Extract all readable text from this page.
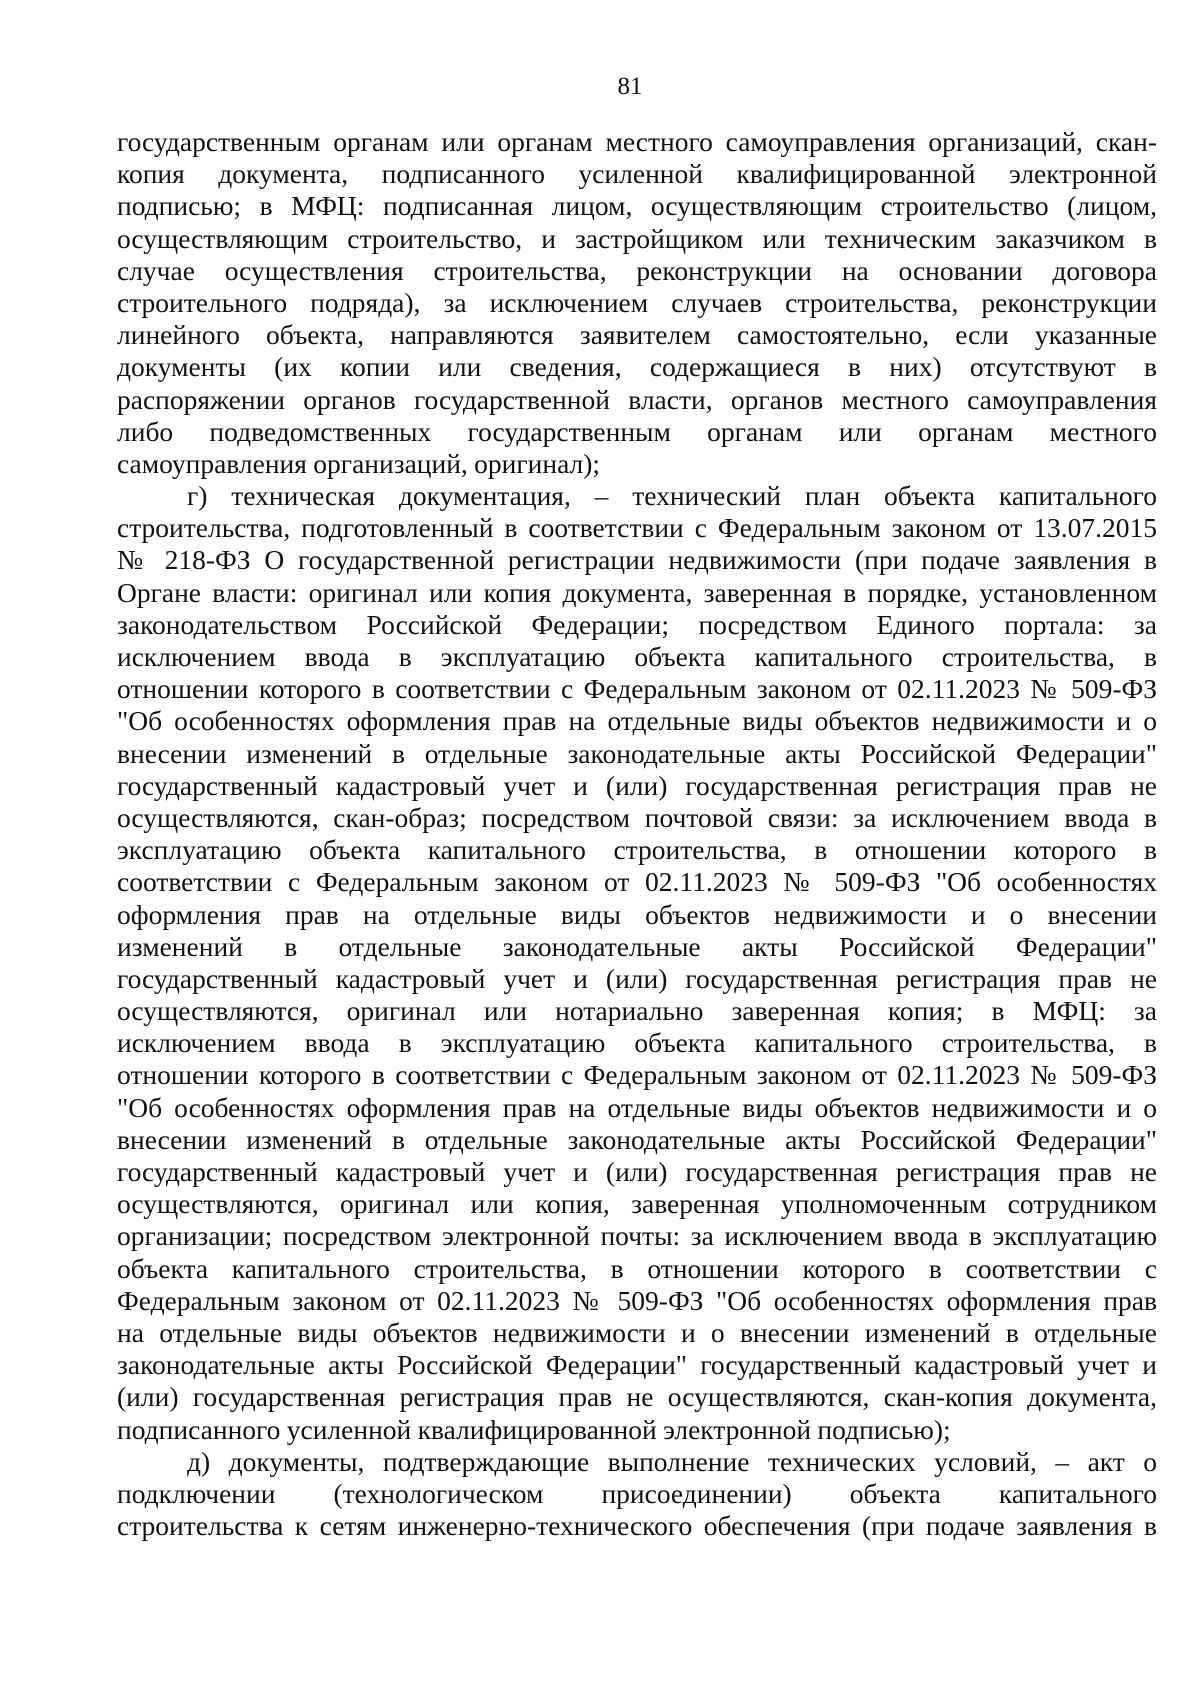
81
государственным органам или органам местного самоуправления организаций, скан-
копия документа, подписанного усиленной квалифицированной электронной
подписью; в МФЦ: подписанная лицом, осуществляющим строительство (лицом,
осуществляющим строительство, и застройщиком или техническим заказчиком в
случае осуществления строительства, реконструкции на основании договора
строительного подряда), за исключением случаев строительства, реконструкции
линейного объекта, направляются заявителем самостоятельно, если указанные
документы (их копии или сведения, содержащиеся в них) отсутствуют в
распоряжении органов государственной власти, органов местного самоуправления
либо подведомственных государственным органам или органам местного
самоуправления организаций, оригинал);
г) техническая документация, – технический план объекта капитального
строительства, подготовленный в соответствии с Федеральным законом от 13.07.2015
№ 218-ФЗ О государственной регистрации недвижимости (при подаче заявления в
Органе власти: оригинал или копия документа, заверенная в порядке, установленном
законодательством Российской Федерации; посредством Единого портала: за
исключением ввода в эксплуатацию объекта капитального строительства, в
отношении которого в соответствии с Федеральным законом от 02.11.2023 № 509-ФЗ
"Об особенностях оформления прав на отдельные виды объектов недвижимости и о
внесении изменений в отдельные законодательные акты Российской Федерации"
государственный кадастровый учет и (или) государственная регистрация прав не
осуществляются, скан-образ; посредством почтовой связи: за исключением ввода в
эксплуатацию объекта капитального строительства, в отношении которого в
соответствии с Федеральным законом от 02.11.2023 № 509-ФЗ "Об особенностях
оформления прав на отдельные виды объектов недвижимости и о внесении
изменений в отдельные законодательные акты Российской Федерации"
государственный кадастровый учет и (или) государственная регистрация прав не
осуществляются, оригинал или нотариально заверенная копия; в МФЦ: за
исключением ввода в эксплуатацию объекта капитального строительства, в
отношении которого в соответствии с Федеральным законом от 02.11.2023 № 509-ФЗ
"Об особенностях оформления прав на отдельные виды объектов недвижимости и о
внесении изменений в отдельные законодательные акты Российской Федерации"
государственный кадастровый учет и (или) государственная регистрация прав не
осуществляются, оригинал или копия, заверенная уполномоченным сотрудником
организации; посредством электронной почты: за исключением ввода в эксплуатацию
объекта капитального строительства, в отношении которого в соответствии с
Федеральным законом от 02.11.2023 № 509-ФЗ "Об особенностях оформления прав
на отдельные виды объектов недвижимости и о внесении изменений в отдельные
законодательные акты Российской Федерации" государственный кадастровый учет и
(или) государственная регистрация прав не осуществляются, скан-копия документа,
подписанного усиленной квалифицированной электронной подписью);
д) документы, подтверждающие выполнение технических условий, – акт о
подключении (технологическом присоединении) объекта капитального
строительства к сетям инженерно-технического обеспечения (при подаче заявления в
